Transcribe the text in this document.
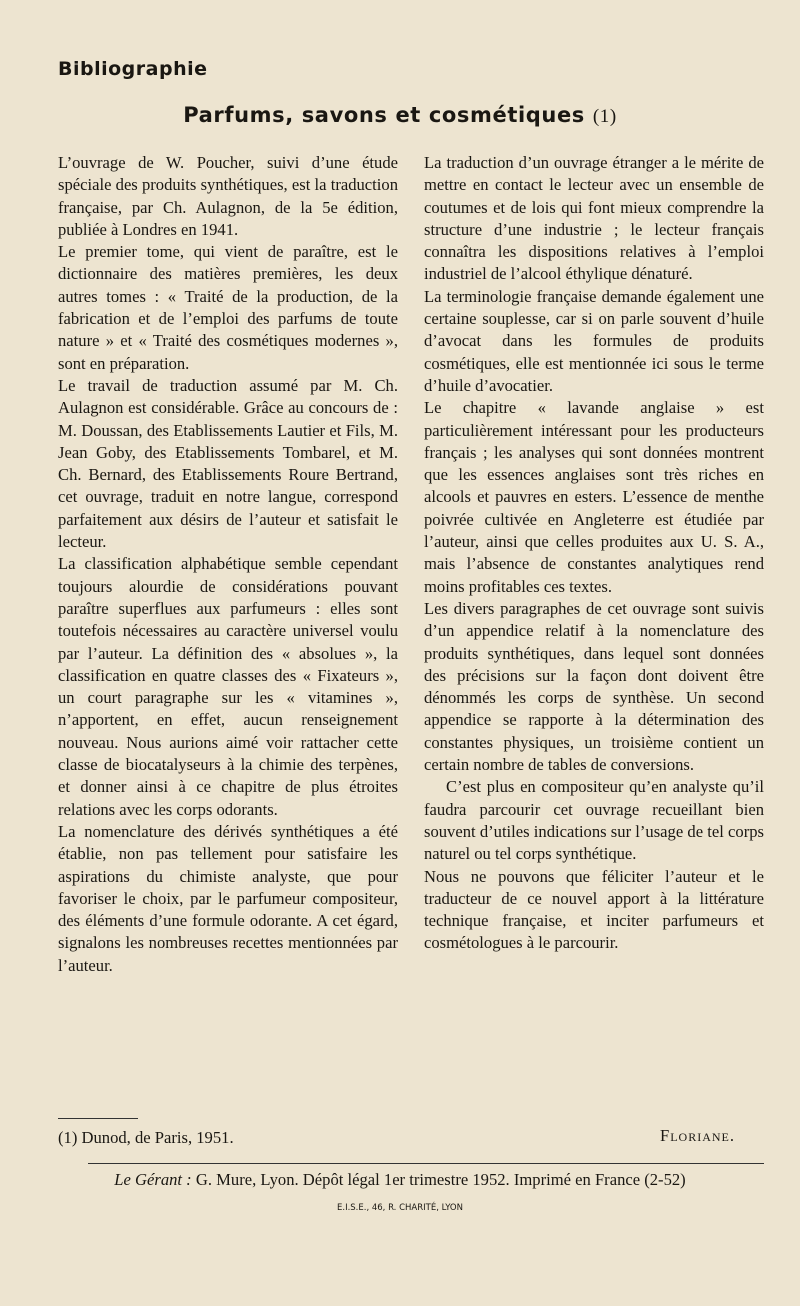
Bibliographie
Parfums, savons et cosmétiques (1)

L’ouvrage de W. Poucher, suivi d’une étude spéciale des produits synthétiques, est la traduction française, par Ch. Aulagnon, de la 5e édition, publiée à Londres en 1941.

Le premier tome, qui vient de paraître, est le dictionnaire des matières premières, les deux autres tomes : « Traité de la production, de la fabrication et de l’emploi des parfums de toute nature » et « Traité des cosmétiques modernes », sont en préparation.

Le travail de traduction assumé par M. Ch. Aulagnon est considérable. Grâce au concours de : M. Doussan, des Etablissements Lautier et Fils, M. Jean Goby, des Etablissements Tombarel, et M. Ch. Bernard, des Etablissements Roure Bertrand, cet ouvrage, traduit en notre langue, correspond parfaitement aux désirs de l’auteur et satisfait le lecteur.

La classification alphabétique semble cependant toujours alourdie de considérations pouvant paraître superflues aux parfumeurs : elles sont toutefois nécessaires au caractère universel voulu par l’auteur. La définition des « absolues », la classification en quatre classes des « Fixateurs », un court paragraphe sur les « vitamines », n’apportent, en effet, aucun renseignement nouveau. Nous aurions aimé voir rattacher cette classe de biocatalyseurs à la chimie des terpènes, et donner ainsi à ce chapitre de plus étroites relations avec les corps odorants.

La nomenclature des dérivés synthétiques a été établie, non pas tellement pour satisfaire les aspirations du chimiste analyste, que pour favoriser le choix, par le parfumeur compositeur, des éléments d’une formule odorante. A cet égard, signalons les nombreuses recettes mentionnées par l’auteur.

La traduction d’un ouvrage étranger a le mérite de mettre en contact le lecteur avec un ensemble de coutumes et de lois qui font mieux comprendre la structure d’une industrie ; le lecteur français connaîtra les dispositions relatives à l’emploi industriel de l’alcool éthylique dénaturé.

La terminologie française demande également une certaine souplesse, car si on parle souvent d’huile d’avocat dans les formules de produits cosmétiques, elle est mentionnée ici sous le terme d’huile d’avocatier.

Le chapitre « lavande anglaise » est particulièrement intéressant pour les producteurs français ; les analyses qui sont données montrent que les essences anglaises sont très riches en alcools et pauvres en esters. L’essence de menthe poivrée cultivée en Angleterre est étudiée par l’auteur, ainsi que celles produites aux U. S. A., mais l’absence de constantes analytiques rend moins profitables ces textes.

Les divers paragraphes de cet ouvrage sont suivis d’un appendice relatif à la nomenclature des produits synthétiques, dans lequel sont données des précisions sur la façon dont doivent être dénommés les corps de synthèse. Un second appendice se rapporte à la détermination des constantes physiques, un troisième contient un certain nombre de tables de conversions.

C’est plus en compositeur qu’en analyste qu’il faudra parcourir cet ouvrage recueillant bien souvent d’utiles indications sur l’usage de tel corps naturel ou tel corps synthétique.

Nous ne pouvons que féliciter l’auteur et le traducteur de ce nouvel apport à la littérature technique française, et inciter parfumeurs et cosmétologues à le parcourir.

(1) Dunod, de Paris, 1951.	Floriane.

Le Gérant : G. Mure, Lyon. Dépôt légal 1er trimestre 1952. Imprimé en France (2-52)

E.I.S.E., 46, R. CHARITÉ, LYON
